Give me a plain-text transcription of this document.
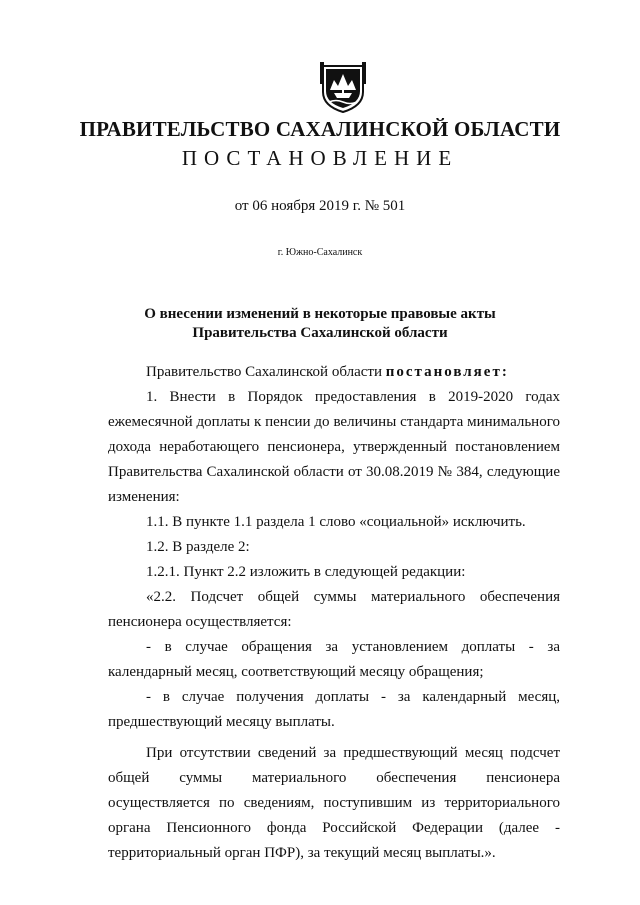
ПРАВИТЕЛЬСТВО САХАЛИНСКОЙ ОБЛАСТИ
ПОСТАНОВЛЕНИЕ
от 06 ноября 2019 г. № 501
г. Южно-Сахалинск
О внесении изменений в некоторые правовые акты
Правительства Сахалинской области

Правительство Сахалинской области постановляет:

1. Внести в Порядок предоставления в 2019-2020 годах ежемесячной доплаты к пенсии до величины стандарта минимального дохода неработающего пенсионера, утвержденный постановлением Правительства Сахалинской области от 30.08.2019 № 384, следующие изменения:

1.1. В пункте 1.1 раздела 1 слово «социальной» исключить.

1.2. В разделе 2:

1.2.1. Пункт 2.2 изложить в следующей редакции:

«2.2. Подсчет общей суммы материального обеспечения пенсионера осуществляется:

- в случае обращения за установлением доплаты - за календарный месяц, соответствующий месяцу обращения;

- в случае получения доплаты - за календарный месяц, предшествующий месяцу выплаты.

При отсутствии сведений за предшествующий месяц подсчет общей суммы материального обеспечения пенсионера осуществляется по сведениям, поступившим из территориального органа Пенсионного фонда Российской Федерации (далее - территориальный орган ПФР), за текущий месяц выплаты.».
